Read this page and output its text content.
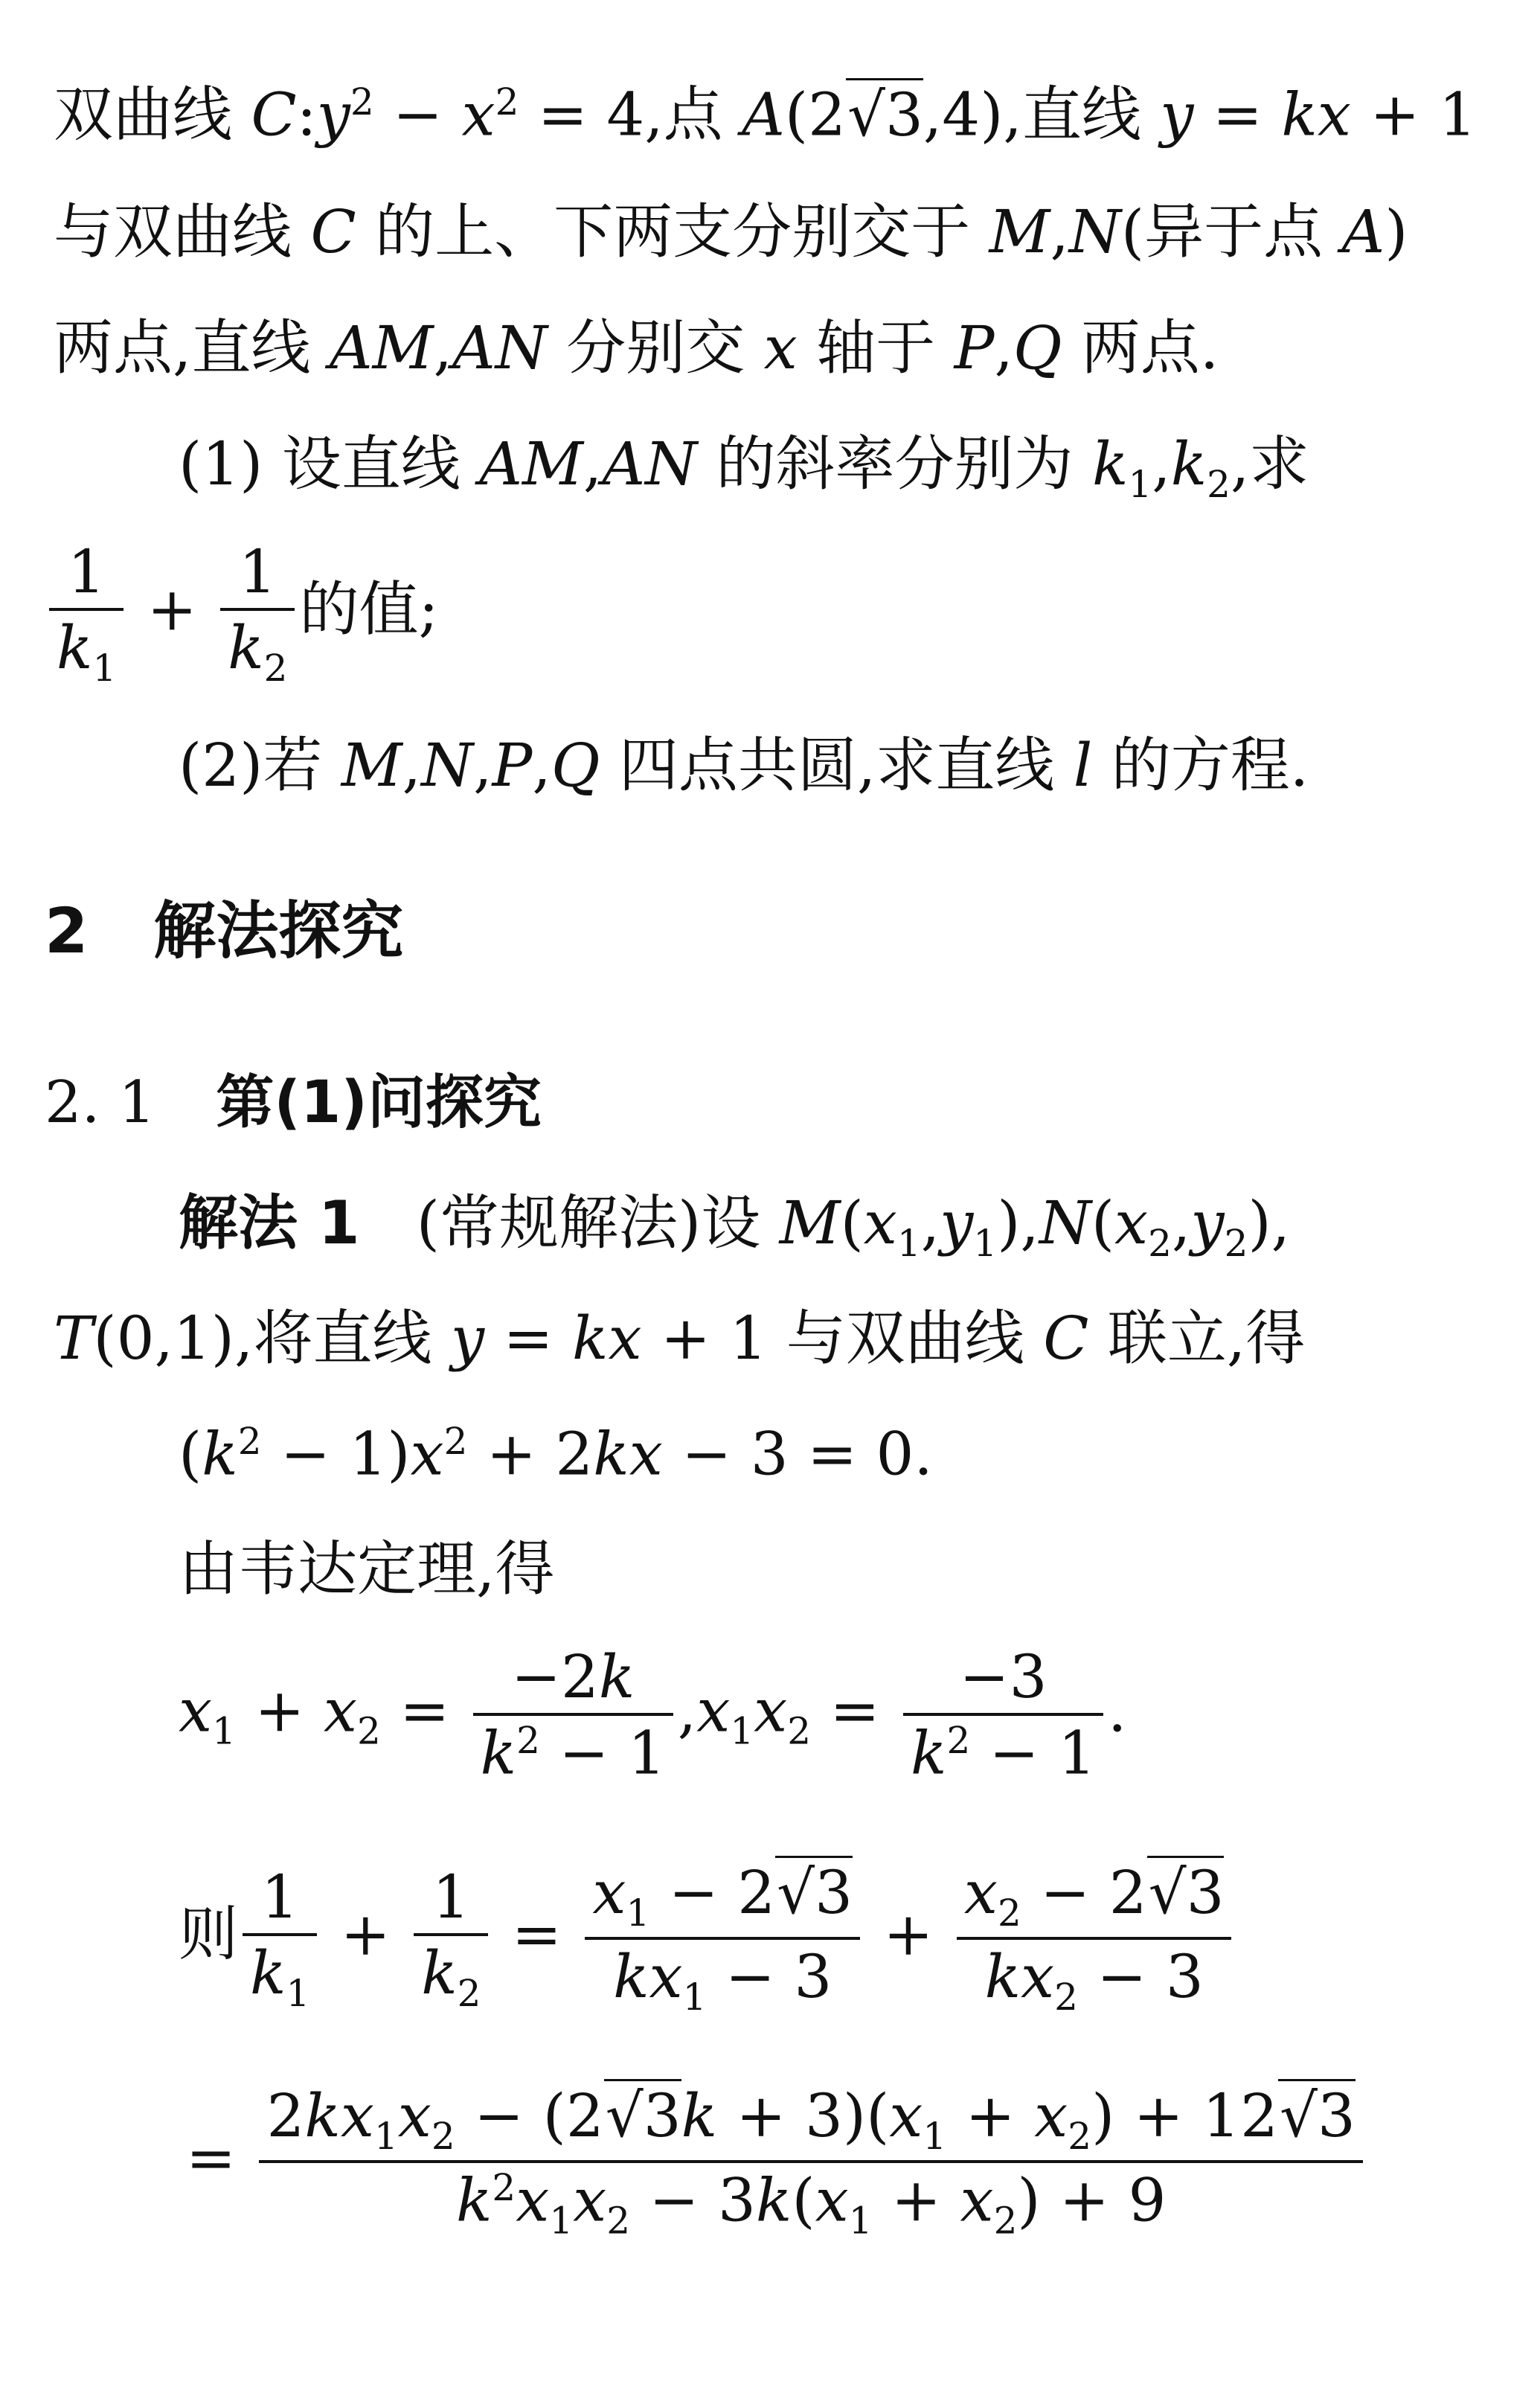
双曲线 $C:y^2 - x^2 = 4$,点 A(2√3,4),直线 y = kx + 1
与双曲线 C 的上、下两支分别交于 M,N(异于点 A)
两点,直线 AM,AN 分别交 x 轴于 P,Q 两点.
(1) 设直线 AM,AN 的斜率分别为 $k_1,k_2$,求
$\frac{1}{k_1} + \frac{1}{k_2}$ 的值;
(2)若 M,N,P,Q 四点共圆,求直线 l 的方程.
2 解法探究
2. 1 第(1)问探究
解法 1   (常规解法)设 $M(x_1,y_1),N(x_2,y_2)$,
T(0,1),将直线 y = kx + 1 与双曲线 C 联立,得
$(k^2 - 1)x^2 + 2kx - 3 = 0$.
由韦达定理,得
$x_1 + x_2 = \frac{-2k}{k^2 - 1} ,x_1x_2 = \frac{-3}{k^2 - 1}$ .
则 $\frac{1}{k_1} + \frac{1}{k_2} = \frac{x_1 - 2√3}{kx_1 - 3} + \frac{x_2 - 2√3}{kx_2 - 3}$
= $\frac{2kx_1x_2 - (2√3k + 3)(x_1 + x_2) + 12√3}{k^2x_1x_2 - 3k(x_1 + x_2) + 9}$
